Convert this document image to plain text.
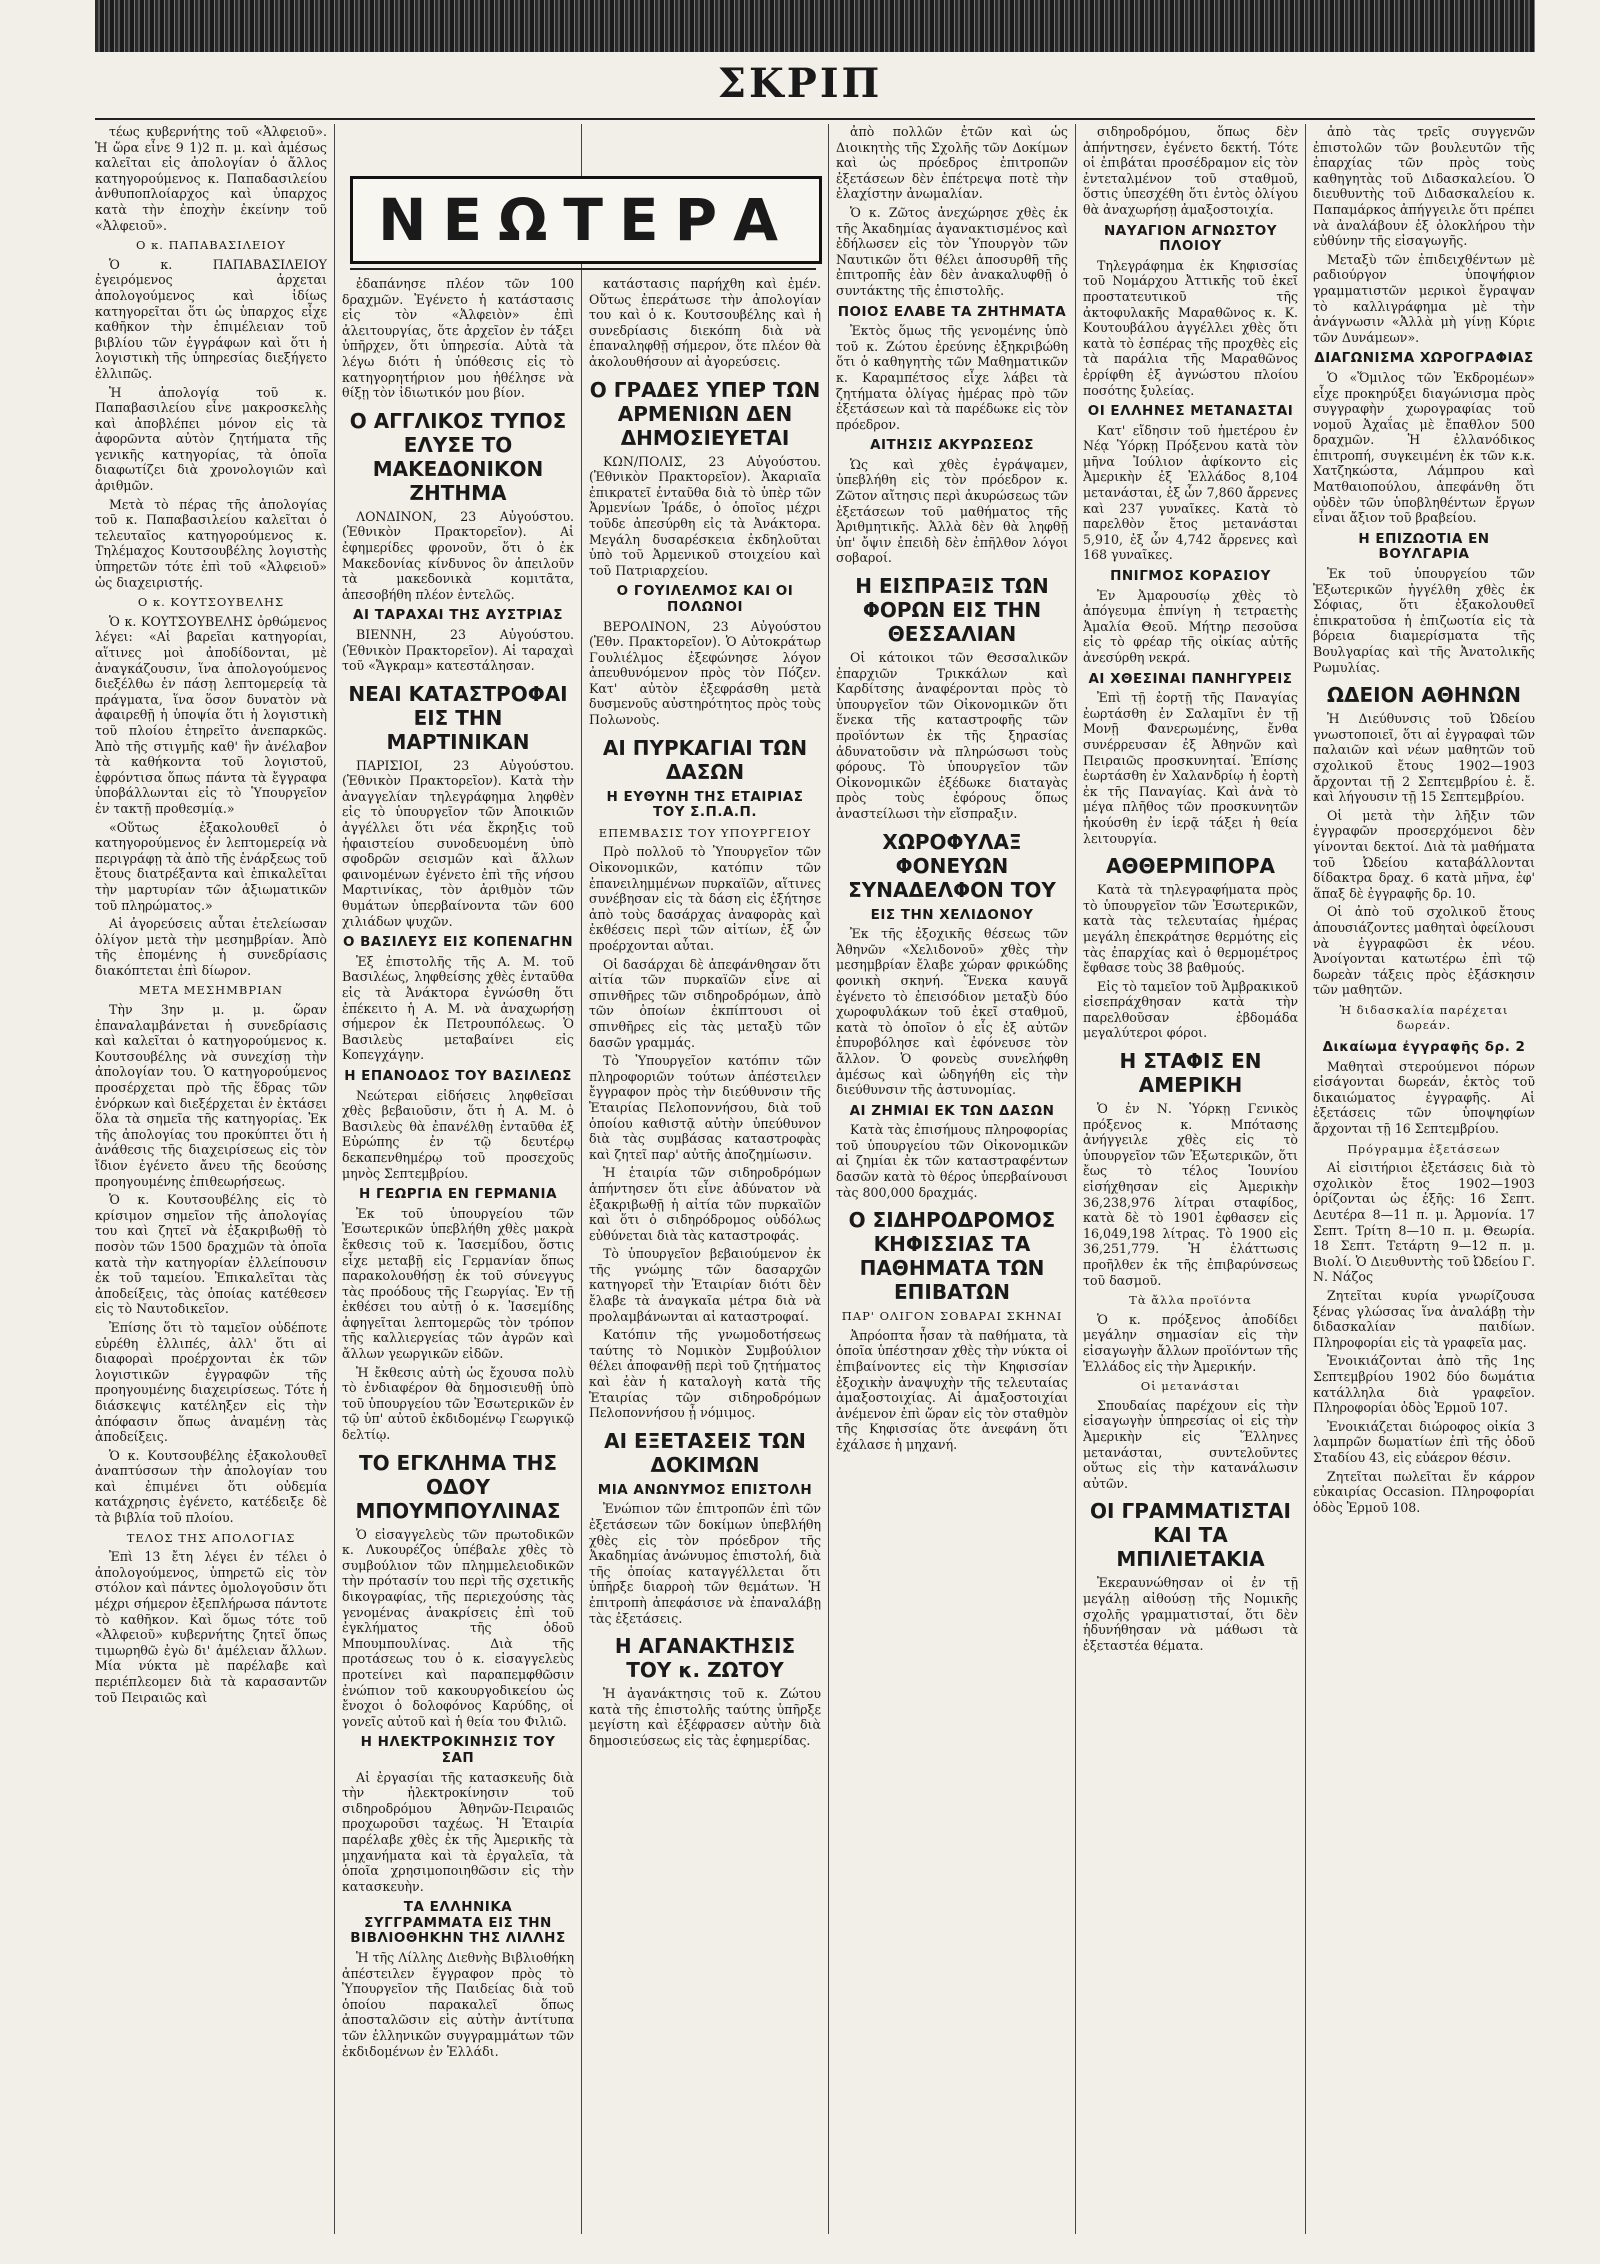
ΣΚΡΙΠ

τέως κυβερνήτης τοῦ «Ἀλφειοῦ». Ἡ ὥρα εἶνε 9 1)2 π. μ. καὶ ἀμέσως καλεῖται εἰς ἀπολογίαν ὁ ἄλλος κατηγορούμενος κ. Παπαδασιλείου ἀνθυποπλοίαρχος καὶ ὑπαρχος κατὰ τὴν ἐποχὴν ἐκείνην τοῦ «Ἀλφειοῦ».

Ο κ. ΠΑΠΑΒΑΣΙΛΕΙΟΥ

Ὁ κ. ΠΑΠΑΒΑΣΙΛΕΙΟΥ ἐγειρόμενος ἀρχεται ἀπολογούμενος καὶ ἰδίως κατηγορεῖται ὅτι ὡς ὑπαρχος εἶχε καθῆκον τὴν ἐπιμέλειαν τοῦ βιβλίου τῶν ἐγγράφων καὶ ὅτι ἡ λογιστικὴ τῆς ὑπηρεσίας διεξήγετο ἐλλιπῶς.

Ἡ ἀπολογία τοῦ κ. Παπαβασιλείου εἶνε μακροσκελὴς καὶ ἀποβλέπει μόνον εἰς τὰ ἀφορῶντα αὐτὸν ζητήματα τῆς γενικῆς κατηγορίας, τὰ ὁποῖα διαφωτίζει διὰ χρονολογιῶν καὶ ἀριθμῶν.

Μετὰ τὸ πέρας τῆς ἀπολογίας τοῦ κ. Παπαβασιλείου καλεῖται ὁ τελευταῖος κατηγορούμενος κ. Τηλέμαχος Κουτσουβέλης λογιστὴς ὑπηρετῶν τότε ἐπὶ τοῦ «Ἀλφειοῦ» ὡς διαχειριστής.

Ο κ. ΚΟΥΤΣΟΥΒΕΛΗΣ

Ὁ κ. ΚΟΥΤΣΟΥΒΕΛΗΣ ὀρθώμενος λέγει: «Αἱ βαρεῖαι κατηγορίαι, αἵτινες μοὶ ἀποδίδονται, μὲ ἀναγκάζουσιν, ἵνα ἀπολογούμενος διεξέλθω ἐν πάσῃ λεπτομερείᾳ τὰ πράγματα, ἵνα ὅσον δυνατὸν νὰ ἀφαιρεθῇ ἡ ὑποψία ὅτι ἡ λογιστικὴ τοῦ πλοίου ἐτηρεῖτο ἀνεπαρκῶς. Ἀπὸ τῆς στιγμῆς καθ' ἣν ἀνέλαβον τὰ καθήκοντα τοῦ λογιστοῦ, ἐφρόντισα ὅπως πάντα τὰ ἔγγραφα ὑποβάλλωνται εἰς τὸ Ὑπουργεῖον ἐν τακτῇ προθεσμίᾳ.»

«Οὕτως ἐξακολουθεῖ ὁ κατηγορούμενος ἐν λεπτομερείᾳ νὰ περιγράφῃ τὰ ἀπὸ τῆς ἐνάρξεως τοῦ ἔτους διατρέξαντα καὶ ἐπικαλεῖται τὴν μαρτυρίαν τῶν ἀξιωματικῶν τοῦ πληρώματος.»

Αἱ ἀγορεύσεις αὗται ἐτελείωσαν ὀλίγον μετὰ τὴν μεσημβρίαν. Ἀπὸ τῆς ἐπομένης ἡ συνεδρίασις διακόπτεται ἐπὶ δίωρον.

ΜΕΤΑ ΜΕΣΗΜΒΡΙΑΝ

Τὴν 3ην μ. μ. ὥραν ἐπαναλαμβάνεται ἡ συνεδρίασις καὶ καλεῖται ὁ κατηγορούμενος κ. Κουτσουβέλης νὰ συνεχίσῃ τὴν ἀπολογίαν του. Ὁ κατηγορούμενος προσέρχεται πρὸ τῆς ἕδρας τῶν ἐνόρκων καὶ διεξέρχεται ἐν ἐκτάσει ὅλα τὰ σημεῖα τῆς κατηγορίας. Ἐκ τῆς ἀπολογίας του προκύπτει ὅτι ἡ ἀνάθεσις τῆς διαχειρίσεως εἰς τὸν ἴδιον ἐγένετο ἄνευ τῆς δεούσης προηγουμένης ἐπιθεωρήσεως.

Ὁ κ. Κουτσουβέλης εἰς τὸ κρίσιμον σημεῖον τῆς ἀπολογίας του καὶ ζητεῖ νὰ ἐξακριβωθῇ τὸ ποσὸν τῶν 1500 δραχμῶν τὰ ὁποῖα κατὰ τὴν κατηγορίαν ἐλλείπουσιν ἐκ τοῦ ταμείου. Ἐπικαλεῖται τὰς ἀποδείξεις, τὰς ὁποίας κατέθεσεν εἰς τὸ Ναυτοδικεῖον.

Ἐπίσης ὅτι τὸ ταμεῖον οὐδέποτε εὑρέθη ἐλλιπές, ἀλλ' ὅτι αἱ διαφοραὶ προέρχονται ἐκ τῶν λογιστικῶν ἐγγραφῶν τῆς προηγουμένης διαχειρίσεως. Τότε ἡ διάσκεψις κατέληξεν εἰς τὴν ἀπόφασιν ὅπως ἀναμένῃ τὰς ἀποδείξεις.

Ὁ κ. Κουτσουβέλης ἐξακολουθεῖ ἀναπτύσσων τὴν ἀπολογίαν του καὶ ἐπιμένει ὅτι οὐδεμία κατάχρησις ἐγένετο, κατέδειξε δὲ τὰ βιβλία τοῦ πλοίου.

ΤΕΛΟΣ ΤΗΣ ΑΠΟΛΟΓΙΑΣ

Ἐπὶ 13 ἔτη λέγει ἐν τέλει ὁ ἀπολογούμενος, ὑπηρετῶ εἰς τὸν στόλον καὶ πάντες ὁμολογοῦσιν ὅτι μέχρι σήμερον ἐξεπλήρωσα πάντοτε τὸ καθῆκον. Καὶ ὅμως τότε τοῦ «Ἀλφειοῦ» κυβερνήτης ζητεῖ ὅπως τιμωρηθῶ ἐγὼ δι' ἀμέλειαν ἄλλων. Μία νύκτα μὲ παρέλαβε καὶ περιέπλεομεν διὰ τὰ καρασαντῶν τοῦ Πειραιῶς καὶ

ἐδαπάνησε πλέον τῶν 100 δραχμῶν. Ἐγένετο ἡ κατάστασις εἰς τὸν «Ἀλφειὸν» ἐπὶ ἀλειτουργίας, ὅτε ἀρχεῖον ἐν τάξει ὑπῆρχεν, ὅτι ὑπηρεσία. Αὐτὰ τὰ λέγω διότι ἡ ὑπόθεσις εἰς τὸ κατηγορητήριον μου ἠθέλησε νὰ θίξῃ τὸν ἰδιωτικόν μου βίον.

Ο ΑΓΓΛΙΚΟΣ ΤΥΠΟΣ ΕΛΥΣΕ ΤΟ ΜΑΚΕΔΟΝΙΚΟΝ ΖΗΤΗΜΑ

ΛΟΝΔΙΝΟΝ, 23 Αὐγούστου. (Ἐθνικὸν Πρακτορεῖον). Αἱ ἐφημερίδες φρονοῦν, ὅτι ὁ ἐκ Μακεδονίας κίνδυνος ὃν ἀπειλοῦν τὰ μακεδονικὰ κομιτᾶτα, ἀπεσοβήθη πλέον ἐντελῶς.

ΑΙ ΤΑΡΑΧΑΙ ΤΗΣ ΑΥΣΤΡΙΑΣ

ΒΙΕΝΝΗ, 23 Αὐγούστου. (Ἐθνικὸν Πρακτορεῖον). Αἱ ταραχαὶ τοῦ «Ἄγκραμ» κατεστάλησαν.

ΝΕΑΙ ΚΑΤΑΣΤΡΟΦΑΙ ΕΙΣ ΤΗΝ ΜΑΡΤΙΝΙΚΑΝ

ΠΑΡΙΣΙΟΙ, 23 Αὐγούστου. (Ἐθνικὸν Πρακτορεῖον). Κατὰ τὴν ἀναγγελίαν τηλεγράφημα ληφθὲν εἰς τὸ ὑπουργεῖον τῶν Ἀποικιῶν ἀγγέλλει ὅτι νέα ἔκρηξις τοῦ ἡφαιστείου συνοδευομένη ὑπὸ σφοδρῶν σεισμῶν καὶ ἄλλων φαινομένων ἐγένετο ἐπὶ τῆς νήσου Μαρτινίκας, τὸν ἀριθμὸν τῶν θυμάτων ὑπερβαίνοντα τῶν 600 χιλιάδων ψυχῶν.

Ο ΒΑΣΙΛΕΥΣ ΕΙΣ ΚΟΠΕΝΑΓΗΝ

Ἐξ ἐπιστολῆς τῆς Α. Μ. τοῦ Βασιλέως, ληφθείσης χθὲς ἐνταῦθα εἰς τὰ Ἀνάκτορα ἐγνώσθη ὅτι ἐπέκειτο ἡ Α. Μ. νὰ ἀναχωρήσῃ σήμερον ἐκ Πετρουπόλεως. Ὁ Βασιλεὺς μεταβαίνει εἰς Κοπεγχάγην.

Η ΕΠΑΝΟΔΟΣ ΤΟΥ ΒΑΣΙΛΕΩΣ

Νεώτεραι εἰδήσεις ληφθεῖσαι χθὲς βεβαιοῦσιν, ὅτι ἡ Α. Μ. ὁ Βασιλεὺς θὰ ἐπανέλθῃ ἐνταῦθα ἐξ Εὐρώπης ἐν τῷ δευτέρῳ δεκαπενθημέρῳ τοῦ προσεχοῦς μηνὸς Σεπτεμβρίου.

Η ΓΕΩΡΓΙΑ ΕΝ ΓΕΡΜΑΝΙΑ

Ἐκ τοῦ ὑπουργείου τῶν Ἐσωτερικῶν ὑπεβλήθη χθὲς μακρὰ ἔκθεσις τοῦ κ. Ἰασεμίδου, ὅστις εἶχε μεταβῇ εἰς Γερμανίαν ὅπως παρακολουθήσῃ ἐκ τοῦ σύνεγγυς τὰς προόδους τῆς Γεωργίας. Ἐν τῇ ἐκθέσει του αὐτῇ ὁ κ. Ἰασεμίδης ἀφηγεῖται λεπτομερῶς τὸν τρόπον τῆς καλλιεργείας τῶν ἀγρῶν καὶ ἄλλων γεωργικῶν εἰδῶν.

Ἡ ἔκθεσις αὐτὴ ὡς ἔχουσα πολὺ τὸ ἐνδιαφέρον θὰ δημοσιευθῇ ὑπὸ τοῦ ὑπουργείου τῶν Ἐσωτερικῶν ἐν τῷ ὑπ' αὐτοῦ ἐκδιδομένῳ Γεωργικῷ δελτίῳ.

ΤΟ ΕΓΚΛΗΜΑ ΤΗΣ ΟΔΟΥ ΜΠΟΥΜΠΟΥΛΙΝΑΣ

Ὁ εἰσαγγελεὺς τῶν πρωτοδικῶν κ. Λυκουρέζος ὑπέβαλε χθὲς τὸ συμβούλιον τῶν πλημμελειοδικῶν τὴν πρότασίν του περὶ τῆς σχετικῆς δικογραφίας, τῆς περιεχούσης τὰς γενομένας ἀνακρίσεις ἐπὶ τοῦ ἐγκλήματος τῆς ὁδοῦ Μπουμπουλίνας. Διὰ τῆς προτάσεως του ὁ κ. εἰσαγγελεὺς προτείνει καὶ παραπεμφθῶσιν ἐνώπιον τοῦ κακουργοδικείου ὡς ἔνοχοι ὁ δολοφόνος Καρύδης, οἱ γονεῖς αὐτοῦ καὶ ἡ θεία του Φιλιῶ.

Η ΗΛΕΚΤΡΟΚΙΝΗΣΙΣ ΤΟΥ ΣΑΠ

Αἱ ἐργασίαι τῆς κατασκευῆς διὰ τὴν ἠλεκτροκίνησιν τοῦ σιδηροδρόμου Ἀθηνῶν-Πειραιῶς προχωροῦσι ταχέως. Ἡ Ἑταιρία παρέλαβε χθὲς ἐκ τῆς Ἀμερικῆς τὰ μηχανήματα καὶ τὰ ἐργαλεῖα, τὰ ὁποῖα χρησιμοποιηθῶσιν εἰς τὴν κατασκευὴν.

ΤΑ ΕΛΛΗΝΙΚΑ ΣΥΓΓΡΑΜΜΑΤΑ ΕΙΣ ΤΗΝ ΒΙΒΛΙΟΘΗΚΗΝ ΤΗΣ ΛΙΛΛΗΣ

Ἡ τῆς Λίλλης Διεθνὴς Βιβλιοθήκη ἀπέστειλεν ἔγγραφον πρὸς τὸ Ὑπουργεῖον τῆς Παιδείας διὰ τοῦ ὁποίου παρακαλεῖ ὅπως ἀποσταλῶσιν εἰς αὐτὴν ἀντίτυπα τῶν ἑλληνικῶν συγγραμμάτων τῶν ἐκδιδομένων ἐν Ἑλλάδι.

κατάστασις παρήχθη καὶ ἐμέν. Οὕτως ἐπεράτωσε τὴν ἀπολογίαν του καὶ ὁ κ. Κουτσουβέλης καὶ ἡ συνεδρίασις διεκόπη διὰ νὰ ἐπαναληφθῇ σήμερον, ὅτε πλέον θὰ ἀκολουθήσουν αἱ ἀγορεύσεις.

Ο ΓΡΑΔΕΣ ΥΠΕΡ ΤΩΝ ΑΡΜΕΝΙΩΝ ΔΕΝ ΔΗΜΟΣΙΕΥΕΤΑΙ

ΚΩΝ/ΠΟΛΙΣ, 23 Αὐγούστου. (Ἐθνικὸν Πρακτορεῖον). Ἀκαριαῖα ἐπικρατεῖ ἐνταῦθα διὰ τὸ ὑπὲρ τῶν Ἀρμενίων Ἰράδε, ὁ ὁποῖος μέχρι τοῦδε ἀπεσύρθη εἰς τὰ Ἀνάκτορα. Μεγάλη δυσαρέσκεια ἐκδηλοῦται ὑπὸ τοῦ Ἀρμενικοῦ στοιχείου καὶ τοῦ Πατριαρχείου.

Ο ΓΟΥΙΛΕΛΜΟΣ ΚΑΙ ΟΙ ΠΟΛΩΝΟΙ

ΒΕΡΟΛΙΝΟΝ, 23 Αὐγούστου (Ἐθν. Πρακτορεῖον). Ὁ Αὐτοκράτωρ Γουλιέλμος ἐξεφώνησε λόγον ἀπευθυνόμενον πρὸς τὸν Πόζεν. Κατ' αὐτὸν ἐξεφράσθη μετὰ δυσμενοῦς αὐστηρότητος πρὸς τοὺς Πολωνοὺς.

ΑΙ ΠΥΡΚΑΓΙΑΙ ΤΩΝ ΔΑΣΩΝ
Η ΕΥΘΥΝΗ ΤΗΣ ΕΤΑΙΡΙΑΣ ΤΟΥ Σ.Π.Α.Π.
ΕΠΕΜΒΑΣΙΣ ΤΟΥ ΥΠΟΥΡΓΕΙΟΥ

Πρὸ πολλοῦ τὸ Ὑπουργεῖον τῶν Οἰκονομικῶν, κατόπιν τῶν ἐπανειλημμένων πυρκαϊῶν, αἵτινες συνέβησαν εἰς τὰ δάση εἰς ἐξήτησε ἀπὸ τοὺς δασάρχας ἀναφορὰς καὶ ἐκθέσεις περὶ τῶν αἰτίων, ἐξ ὧν προέρχονται αὗται.

Οἱ δασάρχαι δὲ ἀπεφάνθησαν ὅτι αἰτία τῶν πυρκαϊῶν εἶνε αἱ σπινθῆρες τῶν σιδηροδρόμων, ἀπὸ τῶν ὁποίων ἐκπίπτουσι οἱ σπινθῆρες εἰς τὰς μεταξὺ τῶν δασῶν γραμμάς.

Τὸ Ὑπουργεῖον κατόπιν τῶν πληροφοριῶν τούτων ἀπέστειλεν ἔγγραφον πρὸς τὴν διεύθυνσιν τῆς Ἑταιρίας Πελοποννήσου, διὰ τοῦ ὁποίου καθιστᾷ αὐτὴν ὑπεύθυνον διὰ τὰς συμβάσας καταστροφὰς καὶ ζητεῖ παρ' αὐτῆς ἀποζημίωσιν.

Ἡ ἑταιρία τῶν σιδηροδρόμων ἀπήντησεν ὅτι εἶνε ἀδύνατον νὰ ἐξακριβωθῇ ἡ αἰτία τῶν πυρκαϊῶν καὶ ὅτι ὁ σιδηρόδρομος οὐδόλως εὐθύνεται διὰ τὰς καταστροφάς.

Τὸ ὑπουργεῖον βεβαιούμενον ἐκ τῆς γνώμης τῶν δασαρχῶν κατηγορεῖ τὴν Ἑταιρίαν διότι δὲν ἔλαβε τὰ ἀναγκαῖα μέτρα διὰ νὰ προλαμβάνωνται αἱ καταστροφαί.

Κατόπιν τῆς γνωμοδοτήσεως ταύτης τὸ Νομικὸν Συμβούλιον θέλει ἀποφανθῇ περὶ τοῦ ζητήματος καὶ ἐὰν ἡ καταλογὴ κατὰ τῆς Ἑταιρίας τῶν σιδηροδρόμων Πελοποννήσου ᾖ νόμιμος.

ΑΙ ΕΞΕΤΑΣΕΙΣ ΤΩΝ ΔΟΚΙΜΩΝ
ΜΙΑ ΑΝΩΝΥΜΟΣ ΕΠΙΣΤΟΛΗ

Ἐνώπιον τῶν ἐπιτροπῶν ἐπὶ τῶν ἐξετάσεων τῶν δοκίμων ὑπεβλήθη χθὲς εἰς τὸν πρόεδρον τῆς Ἀκαδημίας ἀνώνυμος ἐπιστολή, διὰ τῆς ὁποίας καταγγέλλεται ὅτι ὑπῆρξε διαρροὴ τῶν θεμάτων. Ἡ ἐπιτροπὴ ἀπεφάσισε νὰ ἐπαναλάβῃ τὰς ἐξετάσεις.

Η ΑΓΑΝΑΚΤΗΣΙΣ ΤΟΥ κ. ΖΩΤΟΥ

Ἡ ἀγανάκτησις τοῦ κ. Ζώτου κατὰ τῆς ἐπιστολῆς ταύτης ὑπῆρξε μεγίστη καὶ ἐξέφρασεν αὐτὴν διὰ δημοσιεύσεως εἰς τὰς ἐφημερίδας.

ἀπὸ πολλῶν ἐτῶν καὶ ὡς Διοικητὴς τῆς Σχολῆς τῶν Δοκίμων καὶ ὡς πρόεδρος ἐπιτροπῶν ἐξετάσεων δὲν ἐπέτρεψα ποτὲ τὴν ἐλαχίστην ἀνωμαλίαν.

Ὁ κ. Ζῶτος ἀνεχώρησε χθὲς ἐκ τῆς Ἀκαδημίας ἀγανακτισμένος καὶ ἐδήλωσεν εἰς τὸν Ὑπουργὸν τῶν Ναυτικῶν ὅτι θέλει ἀποσυρθῆ τῆς ἐπιτροπῆς ἐὰν δὲν ἀνακαλυφθῇ ὁ συντάκτης τῆς ἐπιστολῆς.

ΠΟΙΟΣ ΕΛΑΒΕ ΤΑ ΖΗΤΗΜΑΤΑ

Ἐκτὸς ὅμως τῆς γενομένης ὑπὸ τοῦ κ. Ζώτου ἐρεύνης ἐξηκριβώθη ὅτι ὁ καθηγητὴς τῶν Μαθηματικῶν κ. Καραμπέτσος εἶχε λάβει τὰ ζητήματα ὀλίγας ἡμέρας πρὸ τῶν ἐξετάσεων καὶ τὰ παρέδωκε εἰς τὸν πρόεδρον.

ΑΙΤΗΣΙΣ ΑΚΥΡΩΣΕΩΣ

Ὡς καὶ χθὲς ἐγράψαμεν, ὑπεβλήθη εἰς τὸν πρόεδρον κ. Ζῶτον αἴτησις περὶ ἀκυρώσεως τῶν ἐξετάσεων τοῦ μαθήματος τῆς Ἀριθμητικῆς. Ἀλλὰ δὲν θὰ ληφθῇ ὑπ' ὄψιν ἐπειδὴ δὲν ἐπῆλθον λόγοι σοβαροί.

Η ΕΙΣΠΡΑΞΙΣ ΤΩΝ ΦΟΡΩΝ ΕΙΣ ΤΗΝ ΘΕΣΣΑΛΙΑΝ

Οἱ κάτοικοι τῶν Θεσσαλικῶν ἐπαρχιῶν Τρικκάλων καὶ Καρδίτσης ἀναφέρονται πρὸς τὸ ὑπουργεῖον τῶν Οἰκονομικῶν ὅτι ἕνεκα τῆς καταστροφῆς τῶν προϊόντων ἐκ τῆς ξηρασίας ἀδυνατοῦσιν νὰ πληρώσωσι τοὺς φόρους. Τὸ ὑπουργεῖον τῶν Οἰκονομικῶν ἐξέδωκε διαταγὰς πρὸς τοὺς ἐφόρους ὅπως ἀναστείλωσι τὴν εἴσπραξιν.

ΧΩΡΟΦΥΛΑΞ ΦΟΝΕΥΩΝ ΣΥΝΑΔΕΛΦΟΝ ΤΟΥ
ΕΙΣ ΤΗΝ ΧΕΛΙΔΟΝΟΥ

Ἐκ τῆς ἐξοχικῆς θέσεως τῶν Ἀθηνῶν «Χελιδονοῦ» χθὲς τὴν μεσημβρίαν ἔλαβε χώραν φρικώδης φονικὴ σκηνή. Ἕνεκα καυγᾶ ἐγένετο τὸ ἐπεισόδιον μεταξὺ δύο χωροφυλάκων τοῦ ἐκεῖ σταθμοῦ, κατὰ τὸ ὁποῖον ὁ εἷς ἐξ αὐτῶν ἐπυροβόλησε καὶ ἐφόνευσε τὸν ἄλλον. Ὁ φονεὺς συνελήφθη ἀμέσως καὶ ὡδηγήθη εἰς τὴν διεύθυνσιν τῆς ἀστυνομίας.

ΑΙ ΖΗΜΙΑΙ ΕΚ ΤΩΝ ΔΑΣΩΝ

Κατὰ τὰς ἐπισήμους πληροφορίας τοῦ ὑπουργείου τῶν Οἰκονομικῶν αἱ ζημίαι ἐκ τῶν καταστραφέντων δασῶν κατὰ τὸ θέρος ὑπερβαίνουσι τὰς 800,000 δραχμάς.

Ο ΣΙΔΗΡΟΔΡΟΜΟΣ ΚΗΦΙΣΣΙΑΣ ΤΑ ΠΑΘΗΜΑΤΑ ΤΩΝ ΕΠΙΒΑΤΩΝ
ΠΑΡ' ΟΛΙΓΟΝ ΣΟΒΑΡΑΙ ΣΚΗΝΑΙ

Ἀπρόοπτα ἦσαν τὰ παθήματα, τὰ ὁποῖα ὑπέστησαν χθὲς τὴν νύκτα οἱ ἐπιβαίνοντες εἰς τὴν Κηφισσίαν ἐξοχικὴν ἀναψυχὴν τῆς τελευταίας ἀμαξοστοιχίας. Αἱ ἁμαξοστοιχίαι ἀνέμενον ἐπὶ ὥραν εἰς τὸν σταθμὸν τῆς Κηφισσίας ὅτε ἀνεφάνη ὅτι ἐχάλασε ἡ μηχανή.

σιδηροδρόμου, ὅπως δὲν ἀπήντησεν, ἐγένετο δεκτή. Τότε οἱ ἐπιβάται προσέδραμον εἰς τὸν ἐντεταλμένον τοῦ σταθμοῦ, ὅστις ὑπεσχέθη ὅτι ἐντὸς ὀλίγου θὰ ἀναχωρήσῃ ἀμαξοστοιχία.

ΝΑΥΑΓΙΟΝ ΑΓΝΩΣΤΟΥ ΠΛΟΙΟΥ

Τηλεγράφημα ἐκ Κηφισσίας τοῦ Νομάρχου Ἀττικῆς τοῦ ἐκεῖ προστατευτικοῦ τῆς ἀκτοφυλακῆς Μαραθῶνος κ. Κ. Κουτουβάλου ἀγγέλλει χθὲς ὅτι κατὰ τὸ ἑσπέρας τῆς προχθὲς εἰς τὰ παράλια τῆς Μαραθῶνος ἐρρίφθη ἐξ ἀγνώστου πλοίου ποσότης ξυλείας.

ΟΙ ΕΛΛΗΝΕΣ ΜΕΤΑΝΑΣΤΑΙ

Κατ' εἴδησιν τοῦ ἡμετέρου ἐν Νέᾳ Ὑόρκῃ Πρόξενου κατὰ τὸν μῆνα Ἰούλιον ἀφίκοντο εἰς Ἀμερικὴν ἐξ Ἑλλάδος 8,104 μετανάσται, ἐξ ὧν 7,860 ἄρρενες καὶ 237 γυναῖκες. Κατὰ τὸ παρελθὸν ἔτος μετανάσται 5,910, ἐξ ὧν 4,742 ἄρρενες καὶ 168 γυναῖκες.

ΠΝΙΓΜΟΣ ΚΟΡΑΣΙΟΥ

Ἐν Ἀμαρουσίῳ χθὲς τὸ ἀπόγευμα ἐπνίγη ἡ τετραετὴς Ἀμαλία Θεοῦ. Μήτηρ πεσοῦσα εἰς τὸ φρέαρ τῆς οἰκίας αὐτῆς ἀνεσύρθη νεκρά.

ΑΙ ΧΘΕΣΙΝΑΙ ΠΑΝΗΓΥΡΕΙΣ

Ἐπὶ τῇ ἑορτῇ τῆς Παναγίας ἐωρτάσθη ἐν Σαλαμῖνι ἐν τῇ Μονῇ Φανερωμένης, ἔνθα συνέρρευσαν ἐξ Ἀθηνῶν καὶ Πειραιῶς προσκυνηταί. Ἐπίσης ἑωρτάσθη ἐν Χαλανδρίῳ ἡ ἑορτὴ ἐκ τῆς Παναγίας. Καὶ ἀνὰ τὸ μέγα πλῆθος τῶν προσκυνητῶν ἠκούσθη ἐν ἱερᾷ τάξει ἡ θεία λειτουργία.

ΑΘΘΕΡΜΙΠΟΡΑ

Κατὰ τὰ τηλεγραφήματα πρὸς τὸ ὑπουργεῖον τῶν Ἐσωτερικῶν, κατὰ τὰς τελευταίας ἡμέρας μεγάλη ἐπεκράτησε θερμότης εἰς τὰς ἐπαρχίας καὶ ὁ θερμομέτρος ἔφθασε τοὺς 38 βαθμούς.

Εἰς τὸ ταμεῖον τοῦ Ἀμβρακικοῦ εἰσεπράχθησαν κατὰ τὴν παρελθοῦσαν ἑβδομάδα μεγαλύτεροι φόροι.

Η ΣΤΑΦΙΣ ΕΝ ΑΜΕΡΙΚΗ

Ὁ ἐν Ν. Ὑόρκῃ Γενικὸς πρόξενος κ. Μπότασης ἀνήγγειλε χθὲς εἰς τὸ ὑπουργεῖον τῶν Ἐξωτερικῶν, ὅτι ἔως τὸ τέλος Ἰουνίου εἰσήχθησαν εἰς Ἀμερικὴν 36,238,976 λίτραι σταφίδος, κατὰ δὲ τὸ 1901 ἐφθασεν εἰς 16,049,198 λίτρας. Τὸ 1900 εἰς 36,251,779. Ἡ ἐλάττωσις προῆλθεν ἐκ τῆς ἐπιβαρύνσεως τοῦ δασμοῦ.

Τὰ ἄλλα προϊόντα

Ὁ κ. πρόξενος ἀποδίδει μεγάλην σημασίαν εἰς τὴν εἰσαγωγὴν ἄλλων προϊόντων τῆς Ἑλλάδος εἰς τὴν Ἀμερικήν.

Οἱ μετανάσται

Σπουδαίας παρέχουν εἰς τὴν εἰσαγωγὴν ὑπηρεσίας οἱ εἰς τὴν Ἀμερικὴν εἰς Ἕλληνες μετανάσται, συντελοῦντες οὕτως εἰς τὴν κατανάλωσιν αὐτῶν.

ΟΙ ΓΡΑΜΜΑΤΙΣΤΑΙ ΚΑΙ ΤΑ ΜΠΙΛΙΕΤΑΚΙΑ

Ἐκεραυνώθησαν οἱ ἐν τῇ μεγάλῃ αἰθούσῃ τῆς Νομικῆς σχολῆς γραμματισταί, ὅτι δὲν ἠδυνήθησαν νὰ μάθωσι τὰ ἐξεταστέα θέματα.

ἀπὸ τὰς τρεῖς συγγενῶν ἐπιστολῶν τῶν βουλευτῶν τῆς ἐπαρχίας τῶν πρὸς τοὺς καθηγητὰς τοῦ Διδασκαλείου. Ὁ διευθυντὴς τοῦ Διδασκαλείου κ. Παπαμάρκος ἀπήγγειλε ὅτι πρέπει νὰ ἀναλάβουν ἐξ ὁλοκλήρου τὴν εὐθύνην τῆς εἰσαγωγῆς.

Μεταξὺ τῶν ἐπιδειχθέντων μὲ ραδιούργον ὑποψήφιον γραμματιστῶν μερικοὶ ἔγραψαν τὸ καλλιγράφημα μὲ τὴν ἀνάγνωσιν «Ἀλλὰ μὴ γίνῃ Κύριε τῶν Δυνάμεων».

ΔΙΑΓΩΝΙΣΜΑ ΧΩΡΟΓΡΑΦΙΑΣ

Ὁ «Ὅμιλος τῶν Ἐκδρομέων» εἶχε προκηρύξει διαγώνισμα πρὸς συγγραφὴν χωρογραφίας τοῦ νομοῦ Ἀχαΐας μὲ ἔπαθλον 500 δραχμῶν. Ἡ ἐλλανόδικος ἐπιτροπή, συγκειμένη ἐκ τῶν κ.κ. Χατζηκώστα, Λάμπρου καὶ Ματθαιοπούλου, ἀπεφάνθη ὅτι οὐδὲν τῶν ὑποβληθέντων ἔργων εἶναι ἄξιον τοῦ βραβείου.

Η ΕΠΙΖΩΟΤΙΑ ΕΝ ΒΟΥΛΓΑΡΙΑ

Ἐκ τοῦ ὑπουργείου τῶν Ἐξωτερικῶν ἠγγέλθη χθὲς ἐκ Σόφιας, ὅτι ἐξακολουθεῖ ἐπικρατοῦσα ἡ ἐπιζωοτία εἰς τὰ βόρεια διαμερίσματα τῆς Βουλγαρίας καὶ τῆς Ἀνατολικῆς Ρωμυλίας.

ΩΔΕΙΟΝ ΑΘΗΝΩΝ

Ἡ Διεύθυνσις τοῦ Ὠδείου γνωστοποιεῖ, ὅτι αἱ ἐγγραφαὶ τῶν παλαιῶν καὶ νέων μαθητῶν τοῦ σχολικοῦ ἔτους 1902—1903 ἄρχονται τῇ 2 Σεπτεμβρίου ἐ. ἔ. καὶ λήγουσιν τῇ 15 Σεπτεμβρίου.

Οἱ μετὰ τὴν λῆξιν τῶν ἐγγραφῶν προσερχόμενοι δὲν γίνονται δεκτοί. Διὰ τὰ μαθήματα τοῦ Ὠδείου καταβάλλονται δίδακτρα δραχ. 6 κατὰ μῆνα, ἐφ' ἅπαξ δὲ ἐγγραφῆς δρ. 10.

Οἱ ἀπὸ τοῦ σχολικοῦ ἔτους ἀπουσιάζοντες μαθηταὶ ὀφείλουσι νὰ ἐγγραφῶσι ἐκ νέου. Ἀνοίγονται κατωτέρω ἐπὶ τῷ δωρεὰν τάξεις πρὸς ἐξάσκησιν τῶν μαθητῶν.

Ἡ διδασκαλία παρέχεται δωρεάν.
Δικαίωμα ἐγγραφῆς δρ. 2

Μαθηταὶ στερούμενοι πόρων εἰσάγονται δωρεάν, ἐκτὸς τοῦ δικαιώματος ἐγγραφῆς. Αἱ ἐξετάσεις τῶν ὑποψηφίων ἄρχονται τῇ 16 Σεπτεμβρίου.

Πρόγραμμα ἐξετάσεων

Αἱ εἰσιτήριοι ἐξετάσεις διὰ τὸ σχολικὸν ἔτος 1902—1903 ὁρίζονται ὡς ἑξῆς: 16 Σεπτ. Δευτέρα 8—11 π. μ. Ἁρμονία. 17 Σεπτ. Τρίτη 8—10 π. μ. Θεωρία. 18 Σεπτ. Τετάρτη 9—12 π. μ. Βιολί. Ὁ Διευθυντὴς τοῦ Ὠδείου Γ. Ν. Νάζος

Ζητεῖται κυρία γνωρίζουσα ξένας γλώσσας ἵνα ἀναλάβῃ τὴν διδασκαλίαν παιδίων. Πληροφορίαι εἰς τὰ γραφεῖα μας.

Ἐνοικιάζονται ἀπὸ τῆς 1ης Σεπτεμβρίου 1902 δύο δωμάτια κατάλληλα διὰ γραφεῖον. Πληροφορίαι ὁδὸς Ἑρμοῦ 107.

Ἐνοικιάζεται διώροφος οἰκία 3 λαμπρῶν δωματίων ἐπὶ τῆς ὁδοῦ Σταδίου 43, εἰς εὐάερον θέσιν.

Ζητεῖται πωλεῖται ἕν κάρρον εὐκαιρίας Occasion. Πληροφορίαι ὁδὸς Ἑρμοῦ 108.

ΝΕΩΤΕΡΑ
